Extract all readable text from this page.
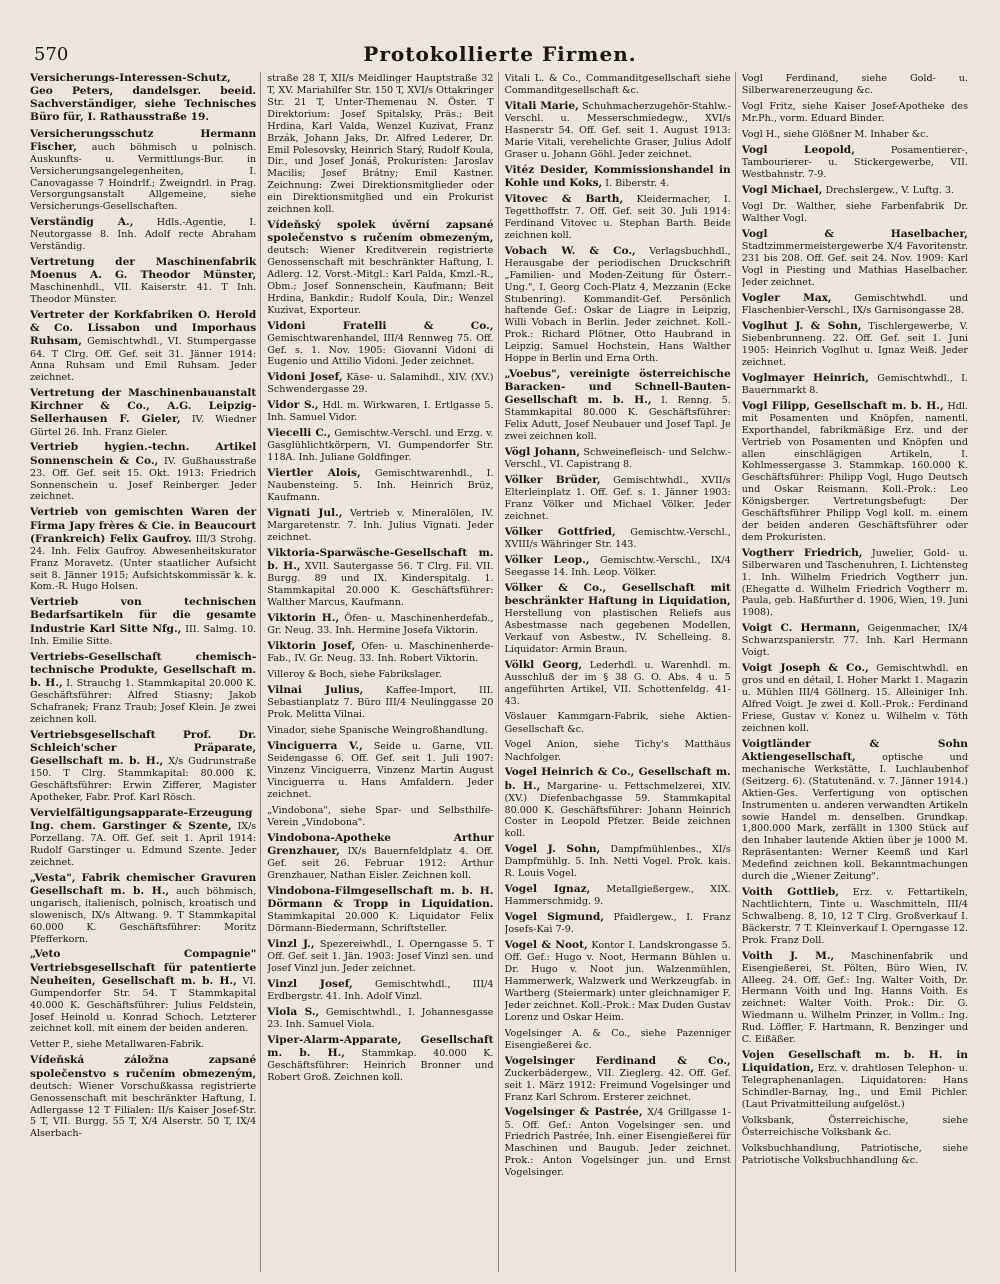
570	Protokollierte Firmen.

Versicherungs-Interessen-Schutz, Geo Peters, dandelsger. beeid. Sachverständiger, siehe Technisches Büro für, I. Rathausstraße 19.

Versicherungsschutz Hermann Fischer, auch böhmisch u polnisch. Auskunfts- u. Vermittlungs-Bur. in Versicherungsangelegenheiten, I. Canovagasse 7 Hoindrlf.; Zweigndrl. in Prag. Versorgungsanstalt Allgemeine, siehe Versicherungs-Gesellschaften.

Verständig A., Hdls.-Agentie, I. Neutorgasse 8. Inh. Adolf recte Abraham Verständig.

Vertretung der Maschinenfabrik Moenus A. G. Theodor Münster, Maschinenhdl., VII. Kaiserstr. 41. T Inh. Theodor Münster.

Vertreter der Korkfabriken O. Herold & Co. Lissabon und Imporhaus Ruhsam, Gemischtwhdl., VI. Stumpergasse 64. T Clrg. Off. Gef. seit 31. Jänner 1914: Anna Ruhsam und Emil Ruhsam. Jeder zeichnet.

Vertretung der Maschinenbauanstalt Kirchner & Co., A.G. Leipzig-Sellerhausen F. Gieler, IV. Wiedner Gürtel 26. Inh. Franz Gieler.

Vertrieb hygien.-techn. Artikel Sonnenschein & Co., IV. Gußhausstraße 23. Off. Gef. seit 15. Okt. 1913: Friedrich Sonnenschein u. Josef Reinberger. Jeder zeichnet.

Vertrieb von gemischten Waren der Firma Japy frères & Cie. in Beaucourt (Frankreich) Felix Gaufroy. III/3 Strohg. 24. Inh. Felix Gaufroy. Abwesenheitskurator Franz Moravetz. (Unter staatlicher Aufsicht seit 8. Jänner 1915; Aufsichtskommissär k. k. Kom.-R. Hugo Holsen.

Vertrieb von technischen Bedarfsartikeln für die gesamte Industrie Karl Sitte Nfg., III. Salmg. 10. Inh. Emilie Sitte.

Vertriebs-Gesellschaft chemisch-technische Produkte, Gesellschaft m. b. H., I. Strauchg 1. Stammkapital 20.000 K. Geschäftsführer: Alfred Stiasny; Jakob Schafranek; Franz Traub; Josef Klein. Je zwei zeichnen koll.

Vertriebsgesellschaft Prof. Dr. Schleich'scher Präparate, Gesellschaft m. b. H., X/s Gudrunstraße 150. T Clrg. Stammkapital: 80.000 K. Geschäftsführer: Erwin Zifferer, Magister Apotheker, Fabr. Prof. Karl Rösch.

Vervielfältigungsapparate-Erzeugung Ing. chem. Garstinger & Szente, IX/s Porzellang. 7A. Off. Gef. seit 1. April 1914: Rudolf Garstinger u. Edmund Szente. Jeder zeichnet.

„Vesta", Fabrik chemischer Gravuren Gesellschaft m. b. H., auch böhmisch, ungarisch, italienisch, polnisch, kroatisch und slowenisch, IX/s Altwang. 9. T Stammkapital 60.000 K. Geschäftsführer: Moritz Pfefferkorn.

„Veto Compagnie" Vertriebsgesellschaft für patentierte Neuheiten, Gesellschaft m. b. H., VI. Gumpendorfer Str. 54. T Stammkapital 40.000 K. Geschäftsführer: Julius Feldstein, Josef Heinold u. Konrad Schoch. Letzterer zeichnet koll. mit einem der beiden anderen.

Vetter P., siehe Metallwaren-Fabrik.

Vídeňská záložna zapsané společenstvo s ručením obmezeným, deutsch: Wiener Vorschußkassa registrierte Genossenschaft mit beschränkter Haftung, I. Adlergasse 12 T Filialen: II/s Kaiser Josef-Str. 5 T, VII. Burgg. 55 T, X/4 Alserstr. 50 T, IX/4 Alserbach-

straße 28 T, XII/s Meidlinger Hauptstraße 32 T, XV. Mariahilfer Str. 150 T, XVI/s Ottakringer Str. 21 T, Unter-Themenau N. Öster. T Direktorium: Josef Spitalsky, Präs.; Beit Hrdina, Karl Valda, Wenzel Kuzivat, Franz Brzák, Johann Jaks, Dr. Alfred Lederer, Dr. Emil Polesovsky, Heinrich Starý, Rudolf Koula, Dir., und Josef Jonáš, Prokuristen: Jaroslav Macilis; Josef Brátny; Emil Kastner. Zeichnung: Zwei Direktionsmitglieder oder ein Direktionsmitglied und ein Prokurist zeichnen koll.

Vídeňský spolek úvěrní zapsané společenstvo s ručením obmezeným, deutsch: Wiener Kreditverein registrierte Genossenschaft mit beschränkter Haftung, I. Adlerg. 12. Vorst.-Mitgl.: Karl Palda, Kmzl.-R., Obm.; Josef Sonnenschein, Kaufmann; Beit Hrdina, Bankdir.; Rudolf Koula, Dir.; Wenzel Kuzivat, Exporteur.

Vidoni Fratelli & Co., Gemischtwarenhandel, III/4 Rennweg 75. Off. Gef. s. 1. Nov. 1905: Giovanni Vidoni di Eugenio und Attilio Vidoni. Jeder zeichnet.

Vidoni Josef, Käse- u. Salamihdl., XIV. (XV.) Schwendergasse 29.

Vidor S., Hdl. m. Wirkwaren, I. Ertlgasse 5. Inh. Samuel Vidor.

Viecelli C., Gemischtw.-Verschl. und Erzg. v. Gasglühlichtkörpern, VI. Gumpendorfer Str. 118A. Inh. Juliane Goldfinger.

Viertler Alois, Gemischtwarenhdl., I. Naubensteing. 5. Inh. Heinrich Brüz, Kaufmann.

Vignati Jul., Vertrieb v. Mineralölen, IV. Margaretenstr. 7. Inh. Julius Vignati. Jeder zeichnet.

Viktoria-Sparwäsche-Gesellschaft m. b. H., XVII. Sautergasse 56. T Clrg. Fil. VII. Burgg. 89 und IX. Kinderspitalg. 1. Stammkapital 20.000 K. Geschäftsführer: Walther Marcus, Kaufmann.

Viktorin H., Öfen- u. Maschinenherdefab., Gr. Neug. 33. Inh. Hermine Josefa Viktorin.

Viktorin Josef, Ofen- u. Maschinenherde-Fab., IV. Gr. Neug. 33. Inh. Robert Viktorin.

Villeroy & Boch, siehe Fabrikslager.

Vilnai Julius, Kaffee-Import, III. Sebastianplatz 7. Büro III/4 Neulinggasse 20 Prok. Melitta Vilnai.

Vinador, siehe Spanische Weingroßhandlung.

Vinciguerra V., Seide u. Garne, VII. Seidengasse 6. Off. Gef. seit 1. Juli 1907: Vinzenz Vinciguerra, Vinzenz Martin August Vinciguerra u. Hans Amfaldern. Jeder zeichnet.

„Vindobona", siehe Spar- und Selbsthilfe-Verein „Vindobona".

Vindobona-Apotheke Arthur Grenzhauer, IX/s Bauernfeldplatz 4. Off. Gef. seit 26. Februar 1912: Arthur Grenzhauer, Nathan Eisler. Zeichnen koll.

Vindobona-Filmgesellschaft m. b. H. Dörmann & Tropp in Liquidation. Stammkapital 20.000 K. Liquidator Felix Dörmann-Biedermann, Schriftsteller.

Vinzl J., Spezereiwhdl., I. Operngasse 5. T Off. Gef. seit 1. Jän. 1903: Josef Vinzl sen. und Josef Vinzl jun. Jeder zeichnet.

Vinzl Josef, Gemischtwhdl., III/4 Erdbergstr. 41. Inh. Adolf Vinzl.

Viola S., Gemischtwhdl., I. Johannesgasse 23. Inh. Samuel Viola.

Viper-Alarm-Apparate, Gesellschaft m. b. H., Stammkap. 40.000 K. Geschäftsführer: Heinrich Bronner und Robert Groß. Zeichnen koll.

Vitali L. & Co., Commanditgesellschaft siehe Commanditgesellschaft &c.

Vitali Marie, Schuhmacherzugehör-Stahlw.-Verschl. u. Messerschmiedegw., XVI/s Hasnerstr 54. Off. Gef. seit 1. August 1913: Marie Vitali, verehelichte Graser, Julius Adolf Graser u. Johann Göhl. Jeder zeichnet.

Vitéz Desider, Kommissionshandel in Kohle und Koks, I. Biberstr. 4.

Vitovec & Barth, Kleidermacher, I. Tegetthoffstr. 7. Off. Gef. seit 30. Juli 1914: Ferdinand Vitovec u. Stephan Barth. Beide zeichnen koll.

Vobach W. & Co., Verlagsbuchhdl., Herausgabe der periodischen Druckschrift „Familien- und Moden-Zeitung für Österr.-Ung.", I. Georg Coch-Platz 4, Mezzanin (Ecke Stubenring). Kommandit-Gef. Persönlich haftende Gef.: Oskar de Liagre in Leipzig, Willi Vobach in Berlin. Jeder zeichnet. Koll.-Prok.: Richard Plötner, Otto Haubrand in Leipzig. Samuel Hochstein, Hans Walther Hoppe in Berlin und Erna Orth.

„Voebus", vereinigte österreichische Baracken- und Schnell-Bauten-Gesellschaft m. b. H., I. Renng. 5. Stammkapital 80.000 K. Geschäftsführer: Felix Adutt, Josef Neubauer und Josef Tapl. Je zwei zeichnen koll.

Vögl Johann, Schweinefleisch- und Selchw.-Verschl., VI. Capistrang 8.

Völker Brüder, Gemischtwhdl., XVII/s Elterleinplatz 1. Off. Gef. s. 1. Jänner 1903: Franz Völker und Michael Völker. Jeder zeichnet.

Völker Gottfried, Gemischtw.-Verschl., XVIII/s Währinger Str. 143.

Völker Leop., Gemischtw.-Verschl., IX/4 Seegasse 14. Inh. Leop. Völker.

Völker & Co., Gesellschaft mit beschränkter Haftung in Liquidation, Herstellung von plastischen Reliefs aus Asbestmasse nach gegebenen Modellen, Verkauf von Asbestw., IV. Schelleing. 8. Liquidator: Armin Braun.

Völkl Georg, Lederhdl. u. Warenhdl. m. Ausschluß der im § 38 G. O. Abs. 4 u. 5 angeführten Artikel, VII. Schottenfeldg. 41-43.

Vöslauer Kammgarn-Fabrik, siehe Aktien-Gesellschaft &c.

Vogel Anion, siehe Tichy's Matthäus Nachfolger.

Vogel Heinrich & Co., Gesellschaft m. b. H., Margarine- u. Fettschmelzerei, XIV. (XV.) Diefenbachgasse 59. Stammkapital 80.000 K. Geschäftsführer: Johann Heinrich Coster in Leopold Pfetzer. Beide zeichnen koll.

Vogel J. Sohn, Dampfmühlenbes., XI/s Dampfmühlg. 5. Inh. Netti Vogel. Prok. kais. R. Louis Vogel.

Vogel Ignaz, Metallgießergew., XIX. Hammerschmidg. 9.

Vogel Sigmund, Pfaidlergew., I. Franz Josefs-Kai 7-9.

Vogel & Noot, Kontor I. Landskrongasse 5. Off. Gef.: Hugo v. Noot, Hermann Bühlen u. Dr. Hugo v. Noot jun. Walzenmühlen, Hammerwerk, Walzwerk und Werkzeugfab. in Wartberg (Steiermark) unter gleichnamiger F. Jeder zeichnet. Koll.-Prok.: Max Duden Gustav Lorenz und Oskar Heim.

Vogelsinger A. & Co., siehe Pazenniger Eisengießerei &c.

Vogelsinger Ferdinand & Co., Zuckerbädergew., VII. Zieglerg. 42. Off. Gef. seit 1. März 1912: Freimund Vogelsinger und Franz Karl Schrom. Ersterer zeichnet.

Vogelsinger & Pastrée, X/4 Grillgasse 1-5. Off. Gef.: Anton Vogelsinger sen. und Friedrich Pastrée, Inh. einer Eisengießerei für Maschinen und Baugub. Jeder zeichnet. Prok.: Anton Vogelsinger jun. und Ernst Vogelsinger.

Vogl Ferdinand, siehe Gold- u. Silberwarenerzeugung &c.

Vogl Fritz, siehe Kaiser Josef-Apotheke des Mr.Ph., vorm. Eduard Binder.

Vogl H., siehe Glößner M. Inhaber &c.

Vogl Leopold,	Posamentierer-, Tambourierer- u. Stickergewerbe, VII. Westbahnstr. 7-9.

Vogl Michael, Drechslergew., V. Luftg. 3.

Vogl Dr. Walther, siehe Farbenfabrik Dr. Walther Vogl.

Vogl & Haselbacher, Stadtzimmermeistergewerbe X/4 Favoritenstr. 231 bis 208. Off. Gef. seit 24. Nov. 1909: Karl Vogl in Piesting und Mathias Haselbacher. Jeder zeichnet.

Vogler Max, Gemischtwhdl. und Flaschenbier-Verschl., IX/s Garnisongasse 28.

Voglhut J. & Sohn, Tischlergewerbe, V. Siebenbrunneng. 22. Off. Gef. seit 1. Juni 1905: Heinrich Voglhut u. Ignaz Weiß. Jeder zeichnet.

Voglmayer Heinrich, Gemischtwhdl., I. Bauernmarkt 8.

Vogl Filipp, Gesellschaft m. b. H., Hdl. mit Posamenten und Knöpfen, namentl. Exporthandel, fabrikmäßige Erz. und der Vertrieb von Posamenten und Knöpfen und allen einschlägigen Artikeln, I. Kohlmessergasse 3. Stammkap. 160.000 K. Geschäftsführer: Philipp Vogl, Hugo Deutsch und Oskar Reismann. Koll.-Prok.: Leo Königsberger. Vertretungsbefugt: Der Geschäftsführer Philipp Vogl koll. m. einem der beiden anderen Geschäftsführer oder dem Prokuristen.

Vogtherr Friedrich, Juwelier, Gold- u. Silberwaren und Taschenuhren, I. Lichtensteg 1. Inh. Wilhelm Friedrich Vogtherr jun. (Ehegatte d. Wilhelm Friedrich Vogtherr m. Paula, geb. Haßfurther d. 1906, Wien, 19. Juni 1908).

Voigt C. Hermann, Geigenmacher, IX/4 Schwarzspanierstr. 77. Inh. Karl Hermann Voigt.

Voigt Joseph & Co., Gemischtwhdl. en gros und en détail, I. Hoher Markt 1. Magazin u. Mühlen III/4 Göllnerg. 15. Alleiniger Inh. Alfred Voigt. Je zwei d. Koll.-Prok.: Ferdinand Friese, Gustav v. Konez u. Wilhelm v. Töth zeichnen koll.

Voigtländer & Sohn Aktiengesellschaft,	optische und mechanische Werkstätte, I. Luchlaubenhof (Seitzerg. 6). (Statutenänd. v. 7. Jänner 1914.) Aktien-Ges. Verfertigung von optischen Instrumenten u. anderen verwandten Artikeln sowie Handel m. denselben. Grundkap. 1,800.000 Mark, zerfällt in 1300 Stück auf den Inhaber lautende Aktien über je 1000 M. Repräsentanten: Werner Keemß und Karl Medefind zeichnen koll. Bekanntmachungen durch die „Wiener Zeitung".

Voith Gottlieb, Erz. v. Fettartikeln, Nachtlichtern, Tinte u. Waschmitteln, III/4 Schwalbeng. 8, 10, 12 T Clrg. Großverkauf I. Bäckerstr. 7 T. Kleinverkauf I. Operngasse 12. Prok. Franz Doll.

Voith J. M., Maschinenfabrik und Eisengießerei, St. Pölten, Büro Wien, IV. Alleeg. 24. Off. Gef.: Ing. Walter Voith, Dr. Hermann Voith und Ing. Hanns Voith. Es zeichnet: Walter Voith. Prok.: Dir. G. Wiedmann u. Wilhelm Prinzer, in Vollm.: Ing. Rud. Löffler, F. Hartmann, R. Benzinger und C. Eißäßer.

Vojen Gesellschaft m. b. H. in Liquidation, Erz. v. drahtlosen Telephon- u. Telegraphenanlagen. Liquidatoren: Hans Schindler-Barnay, Ing., und Emil Pichler. (Laut Privatmitteilung aufgelöst.)

Volksbank, Österreichische, siehe Österreichische Volksbank &c.

Volksbuchhandlung, Patriotische, siehe Patriotische Volksbuchhandlung &c.
